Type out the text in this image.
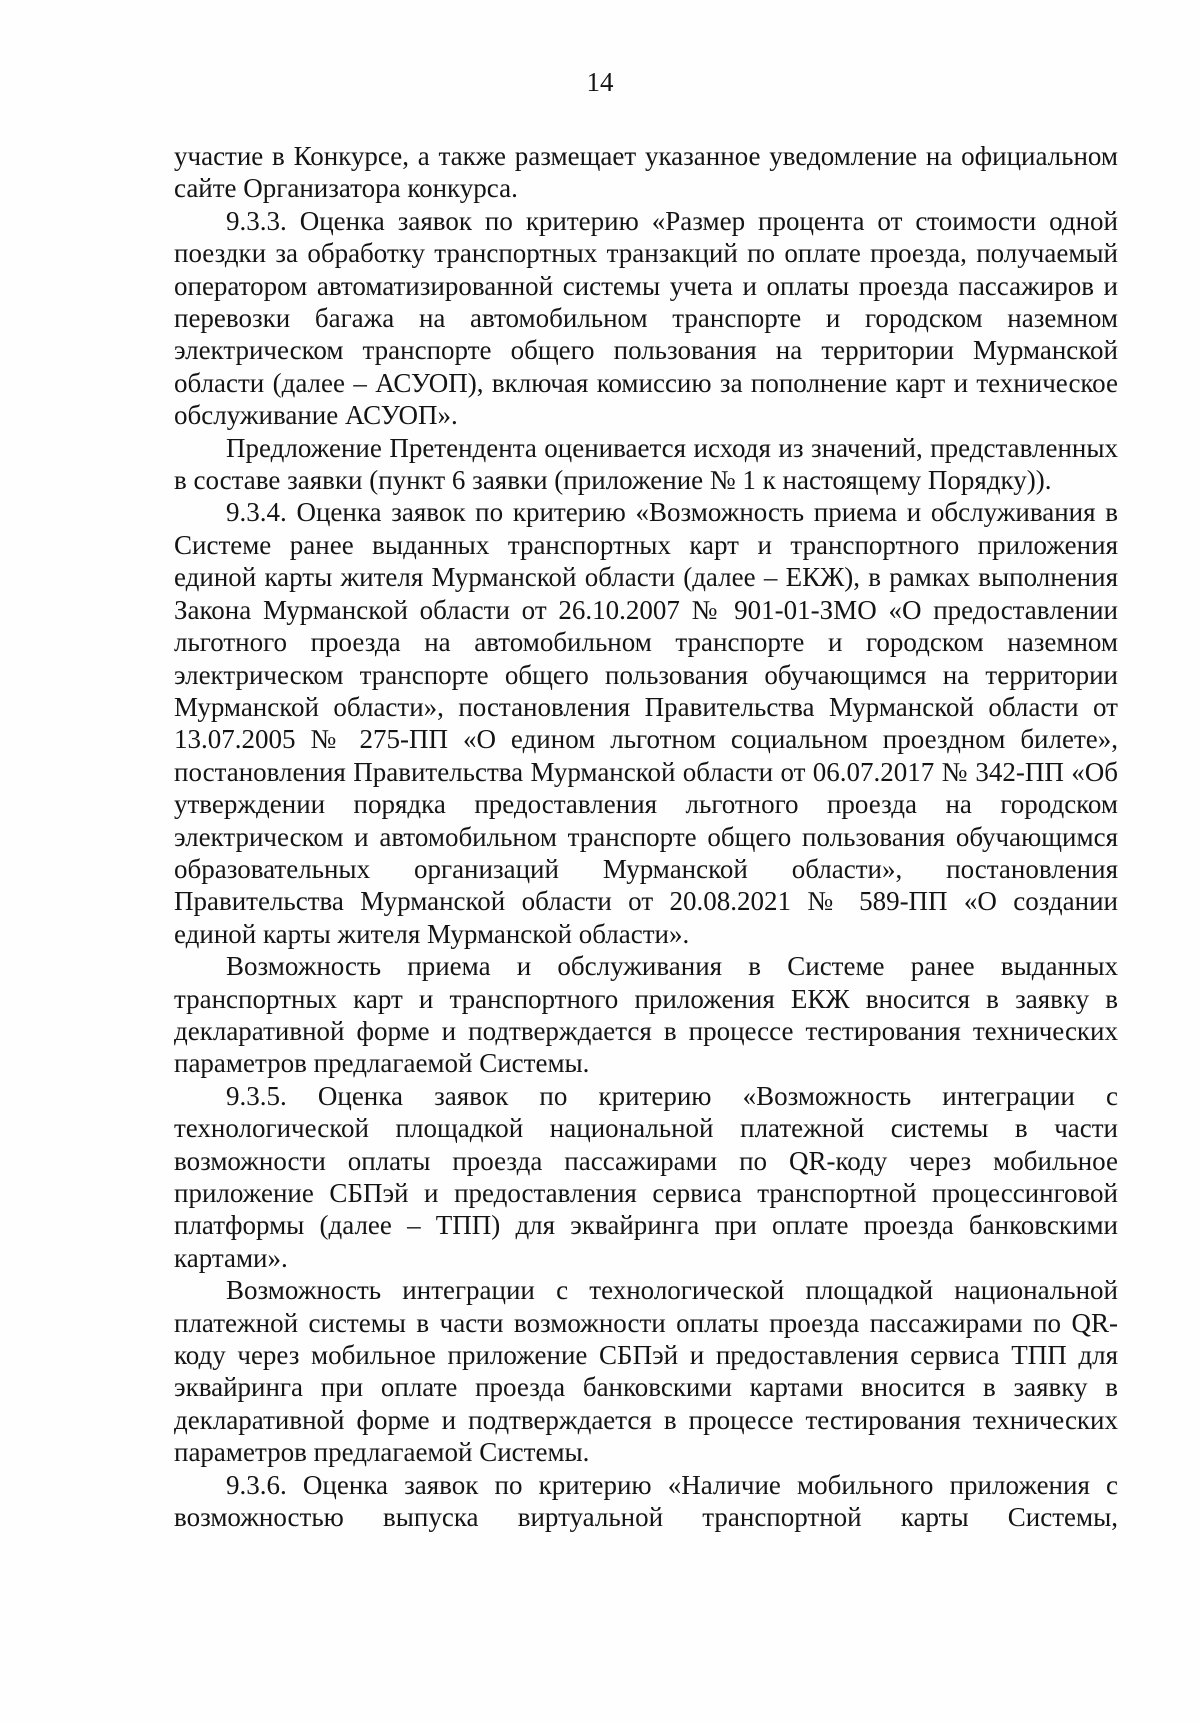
14

участие в Конкурсе, а также размещает указанное уведомление на официальном сайте Организатора конкурса.

9.3.3. Оценка заявок по критерию «Размер процента от стоимости одной поездки за обработку транспортных транзакций по оплате проезда, получаемый оператором автоматизированной системы учета и оплаты проезда пассажиров и перевозки багажа на автомобильном транспорте и городском наземном электрическом транспорте общего пользования на территории Мурманской области (далее – АСУОП), включая комиссию за пополнение карт и техническое обслуживание АСУОП».

Предложение Претендента оценивается исходя из значений, представленных в составе заявки (пункт 6 заявки (приложение № 1 к настоящему Порядку)).

9.3.4. Оценка заявок по критерию «Возможность приема и обслуживания в Системе ранее выданных транспортных карт и транспортного приложения единой карты жителя Мурманской области (далее – ЕКЖ), в рамках выполнения Закона Мурманской области от 26.10.2007 № 901-01-ЗМО «О предоставлении льготного проезда на автомобильном транспорте и городском наземном электрическом транспорте общего пользования обучающимся на территории Мурманской области», постановления Правительства Мурманской области от 13.07.2005 № 275-ПП «О едином льготном социальном проездном билете», постановления Правительства Мурманской области от 06.07.2017 № 342-ПП «Об утверждении порядка предоставления льготного проезда на городском электрическом и автомобильном транспорте общего пользования обучающимся образовательных организаций Мурманской области», постановления Правительства Мурманской области от 20.08.2021 № 589-ПП «О создании единой карты жителя Мурманской области».

Возможность приема и обслуживания в Системе ранее выданных транспортных карт и транспортного приложения ЕКЖ вносится в заявку в декларативной форме и подтверждается в процессе тестирования технических параметров предлагаемой Системы.

9.3.5. Оценка заявок по критерию «Возможность интеграции с технологической площадкой национальной платежной системы в части возможности оплаты проезда пассажирами по QR-коду через мобильное приложение СБПэй и предоставления сервиса транспортной процессинговой платформы (далее – ТПП) для эквайринга при оплате проезда банковскими картами».

Возможность интеграции с технологической площадкой национальной платежной системы в части возможности оплаты проезда пассажирами по QR-коду через мобильное приложение СБПэй и предоставления сервиса ТПП для эквайринга при оплате проезда банковскими картами вносится в заявку в декларативной форме и подтверждается в процессе тестирования технических параметров предлагаемой Системы.

9.3.6. Оценка заявок по критерию «Наличие мобильного приложения с возможностью выпуска виртуальной транспортной карты Системы,
